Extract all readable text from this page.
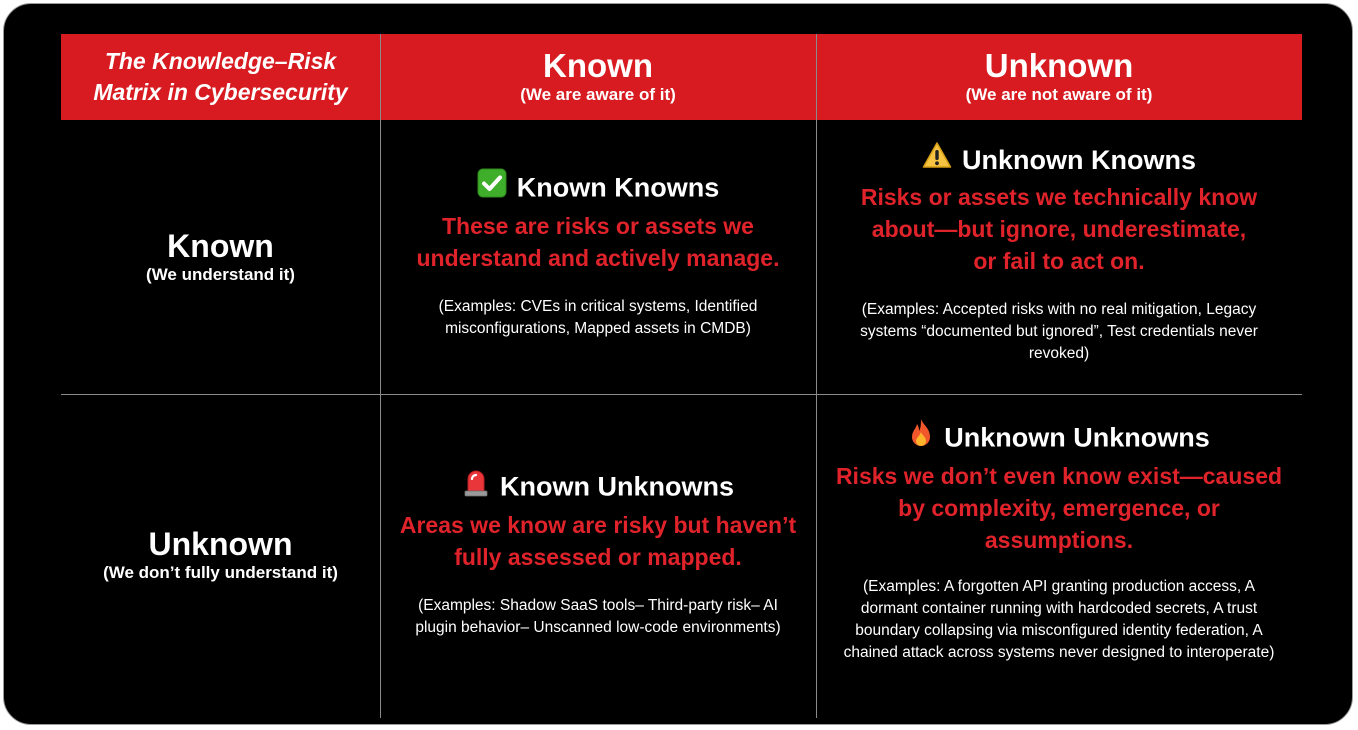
The Knowledge–Risk
Matrix in Cybersecurity
Known
(We are aware of it)
Unknown
(We are not aware of it)
Known
(We understand it)
Unknown
(We don’t fully understand it)
Known Knowns
These are risks or assets we
understand and actively manage.
(Examples: CVEs in critical systems, Identified
misconfigurations, Mapped assets in CMDB)
Unknown Knowns
Risks or assets we technically know
about—but ignore, underestimate,
or fail to act on.
(Examples: Accepted risks with no real mitigation, Legacy
systems “documented but ignored”, Test credentials never
revoked)
Known Unknowns
Areas we know are risky but haven’t
fully assessed or mapped.
(Examples: Shadow SaaS tools– Third-party risk– AI
plugin behavior– Unscanned low-code environments)
Unknown Unknowns
Risks we don’t even know exist—caused
by complexity, emergence, or
assumptions.
(Examples: A forgotten API granting production access, A
dormant container running with hardcoded secrets, A trust
boundary collapsing via misconfigured identity federation, A
chained attack across systems never designed to interoperate)
